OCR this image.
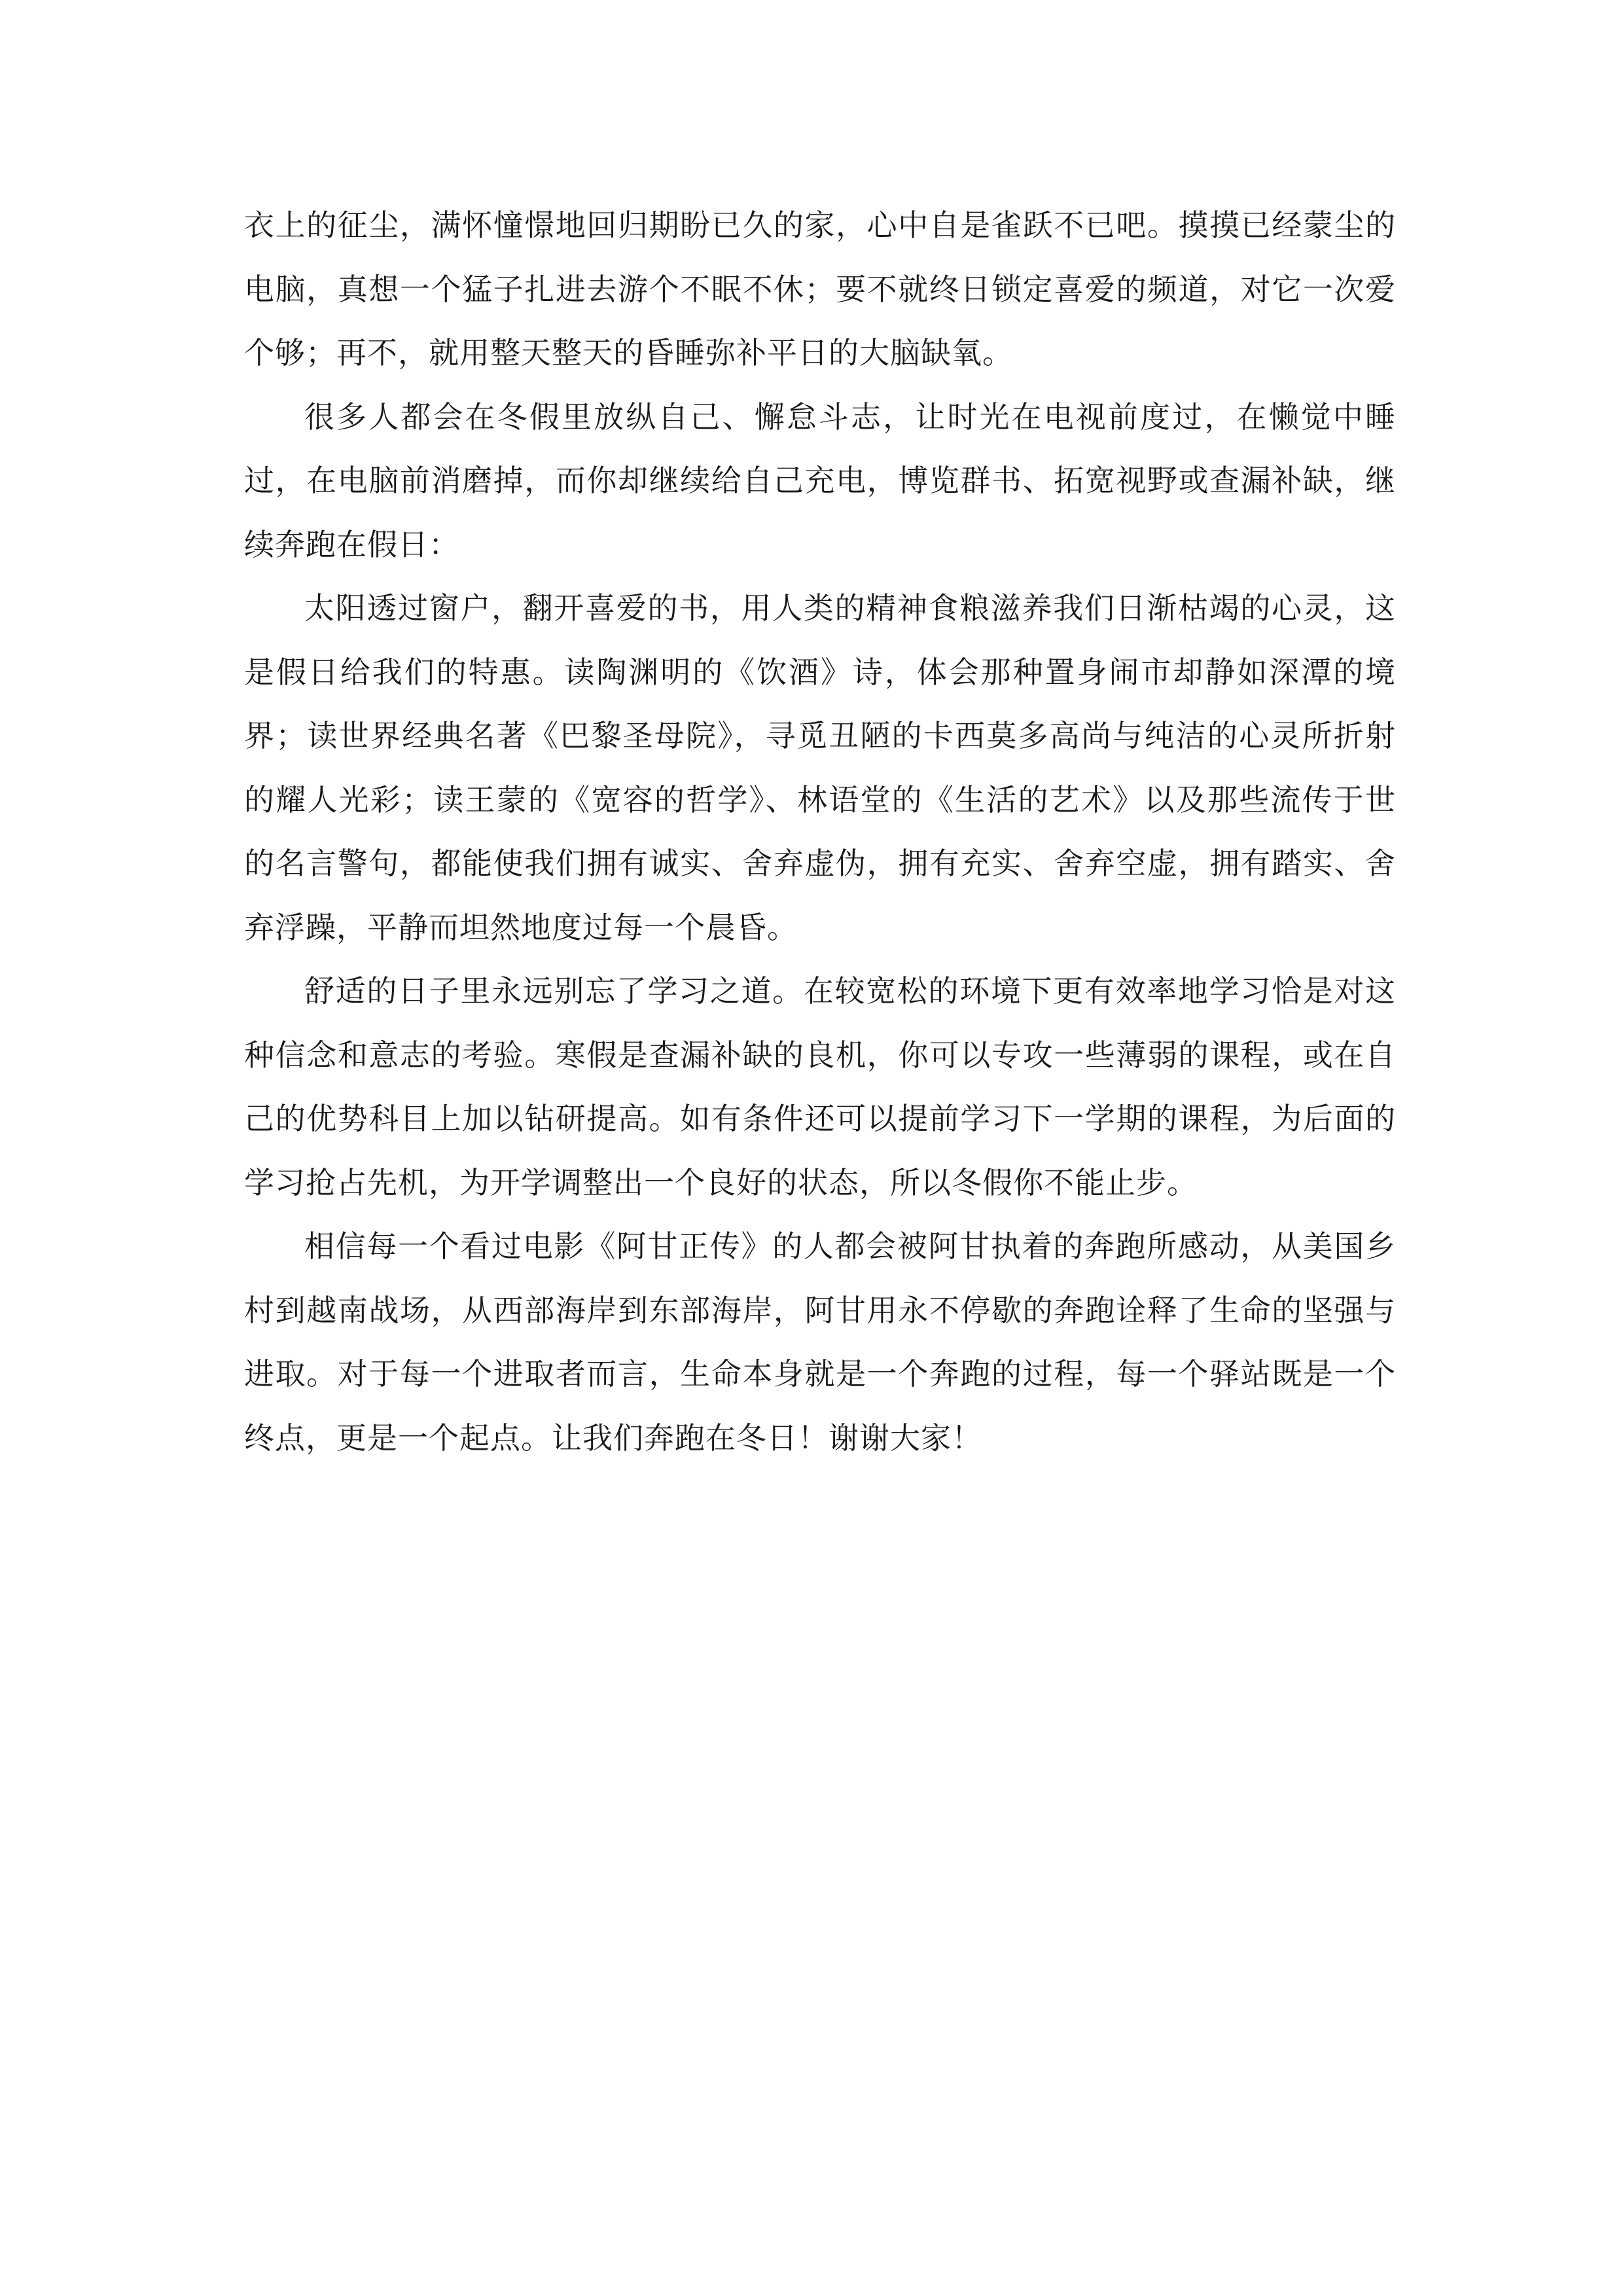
衣上的征尘，满怀憧憬地回归期盼已久的家，心中自是雀跃不已吧。摸摸已经蒙尘的电脑，真想一个猛子扎进去游个不眠不休；要不就终日锁定喜爱的频道，对它一次爱个够；再不，就用整天整天的昏睡弥补平日的大脑缺氧。

很多人都会在冬假里放纵自己、懈怠斗志，让时光在电视前度过，在懒觉中睡过，在电脑前消磨掉，而你却继续给自己充电，博览群书、拓宽视野或查漏补缺，继续奔跑在假日：

太阳透过窗户，翻开喜爱的书，用人类的精神食粮滋养我们日渐枯竭的心灵，这是假日给我们的特惠。读陶渊明的《饮酒》诗，体会那种置身闹市却静如深潭的境界；读世界经典名著《巴黎圣母院》，寻觅丑陋的卡西莫多高尚与纯洁的心灵所折射的耀人光彩；读王蒙的《宽容的哲学》、林语堂的《生活的艺术》以及那些流传于世的名言警句，都能使我们拥有诚实、舍弃虚伪，拥有充实、舍弃空虚，拥有踏实、舍弃浮躁，平静而坦然地度过每一个晨昏。

舒适的日子里永远别忘了学习之道。在较宽松的环境下更有效率地学习恰是对这种信念和意志的考验。寒假是查漏补缺的良机，你可以专攻一些薄弱的课程，或在自己的优势科目上加以钻研提高。如有条件还可以提前学习下一学期的课程，为后面的学习抢占先机，为开学调整出一个良好的状态，所以冬假你不能止步。

相信每一个看过电影《阿甘正传》的人都会被阿甘执着的奔跑所感动，从美国乡村到越南战场，从西部海岸到东部海岸，阿甘用永不停歇的奔跑诠释了生命的坚强与进取。对于每一个进取者而言，生命本身就是一个奔跑的过程，每一个驿站既是一个终点，更是一个起点。让我们奔跑在冬日！谢谢大家！
